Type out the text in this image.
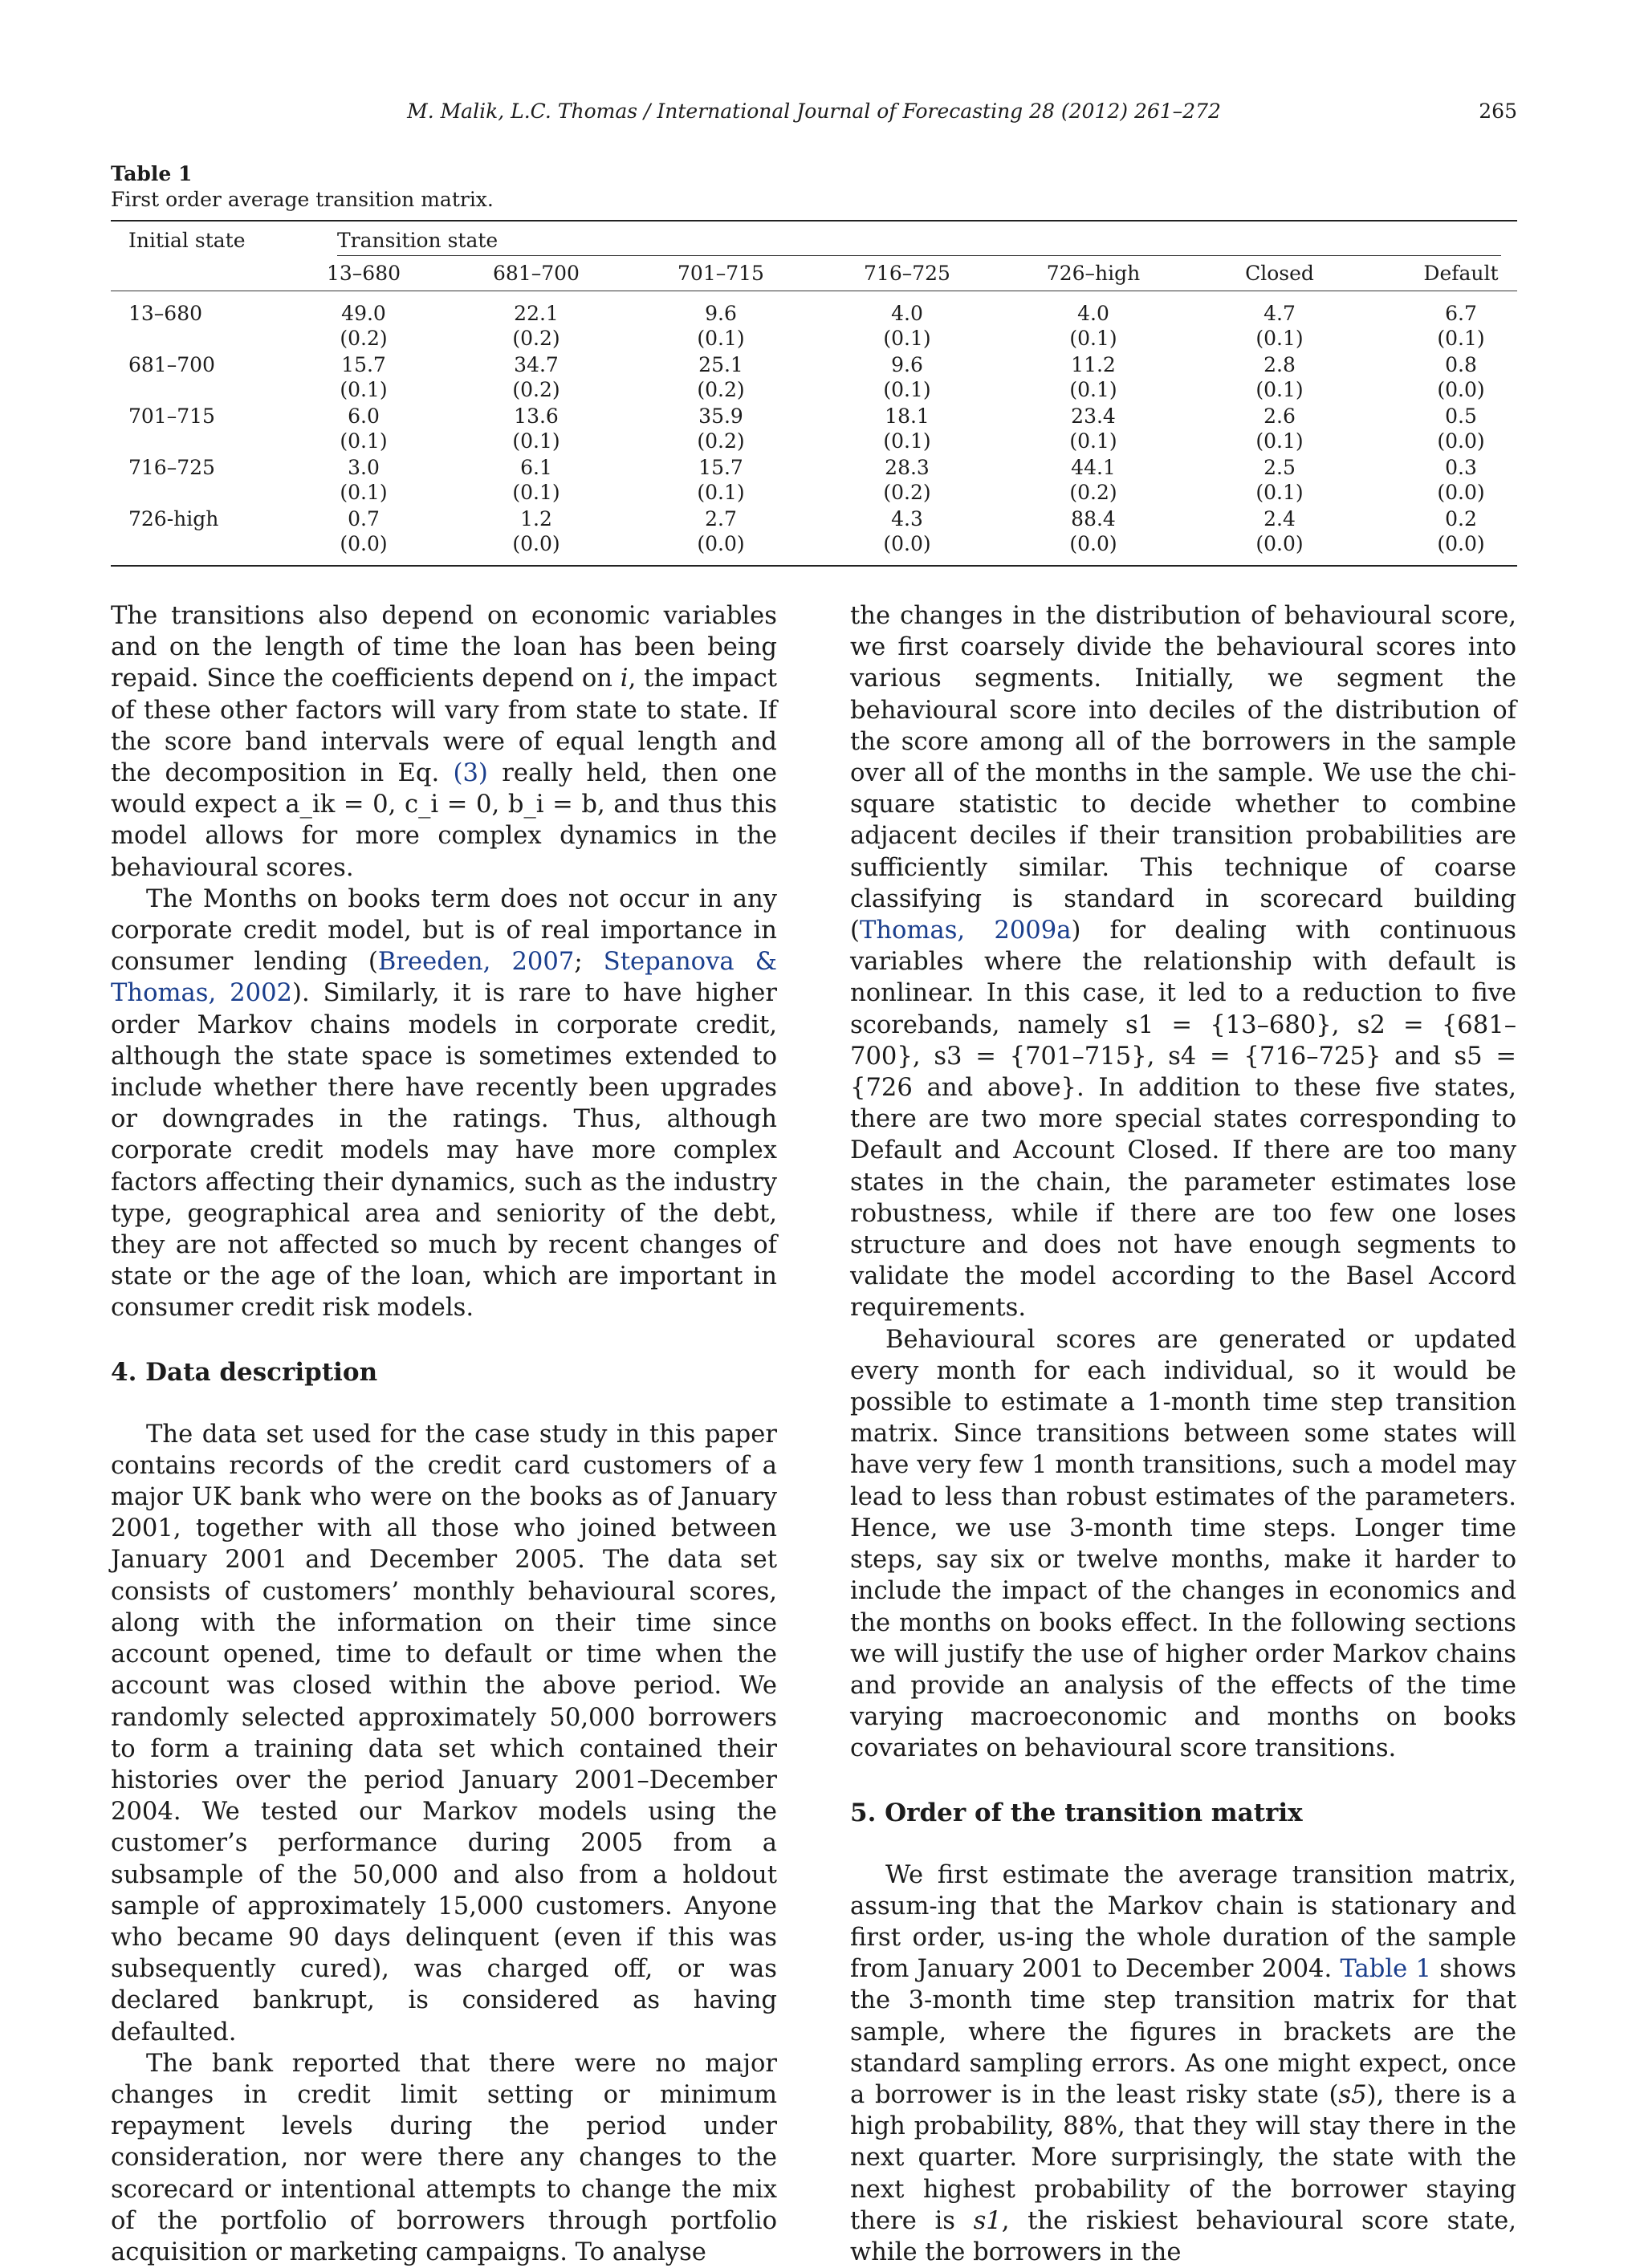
M. Malik, L.C. Thomas / International Journal of Forecasting 28 (2012) 261–272	265
Table 1
First order average transition matrix.
Initial state	Transition state
13–680	681–700	701–715	716–725	726–high	Closed	Default
13–680	49.0	22.1	9.6	4.0	4.0	4.7	6.7
(0.2)	(0.2)	(0.1)	(0.1)	(0.1)	(0.1)	(0.1)
681–700	15.7	34.7	25.1	9.6	11.2	2.8	0.8
(0.1)	(0.2)	(0.2)	(0.1)	(0.1)	(0.1)	(0.0)
701–715	6.0	13.6	35.9	18.1	23.4	2.6	0.5
(0.1)	(0.1)	(0.2)	(0.1)	(0.1)	(0.1)	(0.0)
716–725	3.0	6.1	15.7	28.3	44.1	2.5	0.3
(0.1)	(0.1)	(0.1)	(0.2)	(0.2)	(0.1)	(0.0)
726-high	0.7	1.2	2.7	4.3	88.4	2.4	0.2
(0.0)	(0.0)	(0.0)	(0.0)	(0.0)	(0.0)	(0.0)

The transitions also depend on economic variables and on the length of time the loan has been being repaid. Since the coefficients depend on i, the impact of these other factors will vary from state to state. If the score band intervals were of equal length and the decomposition in Eq. (3) really held, then one would expect a_ik = 0, c_i = 0, b_i = b, and thus this model allows for more complex dynamics in the behavioural scores.

The Months on books term does not occur in any corporate credit model, but is of real importance in consumer lending (Breeden, 2007; Stepanova & Thomas, 2002). Similarly, it is rare to have higher order Markov chains models in corporate credit, although the state space is sometimes extended to include whether there have recently been upgrades or downgrades in the ratings. Thus, although corporate credit models may have more complex factors affecting their dynamics, such as the industry type, geographical area and seniority of the debt, they are not affected so much by recent changes of state or the age of the loan, which are important in consumer credit risk models.

4. Data description

The data set used for the case study in this paper contains records of the credit card customers of a major UK bank who were on the books as of January 2001, together with all those who joined between January 2001 and December 2005. The data set consists of customers’ monthly behavioural scores, along with the information on their time since account opened, time to default or time when the account was closed within the above period. We randomly selected approximately 50,000 borrowers to form a training data set which contained their histories over the period January 2001–December 2004. We tested our Markov models using the customer’s performance during 2005 from a subsample of the 50,000 and also from a holdout sample of approximately 15,000 customers. Anyone who became 90 days delinquent (even if this was subsequently cured), was charged off, or was declared bankrupt, is considered as having defaulted.

The bank reported that there were no major changes in credit limit setting or minimum repayment levels during the period under consideration, nor were there any changes to the scorecard or intentional attempts to change the mix of the portfolio of borrowers through portfolio acquisition or marketing campaigns. To analyse

the changes in the distribution of behavioural score, we first coarsely divide the behavioural scores into various segments. Initially, we segment the behavioural score into deciles of the distribution of the score among all of the borrowers in the sample over all of the months in the sample. We use the chi-square statistic to decide whether to combine adjacent deciles if their transition probabilities are sufficiently similar. This technique of coarse classifying is standard in scorecard building (Thomas, 2009a) for dealing with continuous variables where the relationship with default is nonlinear. In this case, it led to a reduction to five scorebands, namely s1 = {13–680}, s2 = {681–700}, s3 = {701–715}, s4 = {716–725} and s5 = {726 and above}. In addition to these five states, there are two more special states corresponding to Default and Account Closed. If there are too many states in the chain, the parameter estimates lose robustness, while if there are too few one loses structure and does not have enough segments to validate the model according to the Basel Accord requirements.

Behavioural scores are generated or updated every month for each individual, so it would be possible to estimate a 1-month time step transition matrix. Since transitions between some states will have very few 1 month transitions, such a model may lead to less than robust estimates of the parameters. Hence, we use 3-month time steps. Longer time steps, say six or twelve months, make it harder to include the impact of the changes in economics and the months on books effect. In the following sections we will justify the use of higher order Markov chains and provide an analysis of the effects of the time varying macroeconomic and months on books covariates on behavioural score transitions.

5. Order of the transition matrix

We first estimate the average transition matrix, assum-ing that the Markov chain is stationary and first order, us-ing the whole duration of the sample from January 2001 to December 2004. Table 1 shows the 3-month time step transition matrix for that sample, where the figures in brackets are the standard sampling errors. As one might expect, once a borrower is in the least risky state (s5), there is a high probability, 88%, that they will stay there in the next quarter. More surprisingly, the state with the next highest probability of the borrower staying there is s1, the riskiest behavioural score state, while the borrowers in the
